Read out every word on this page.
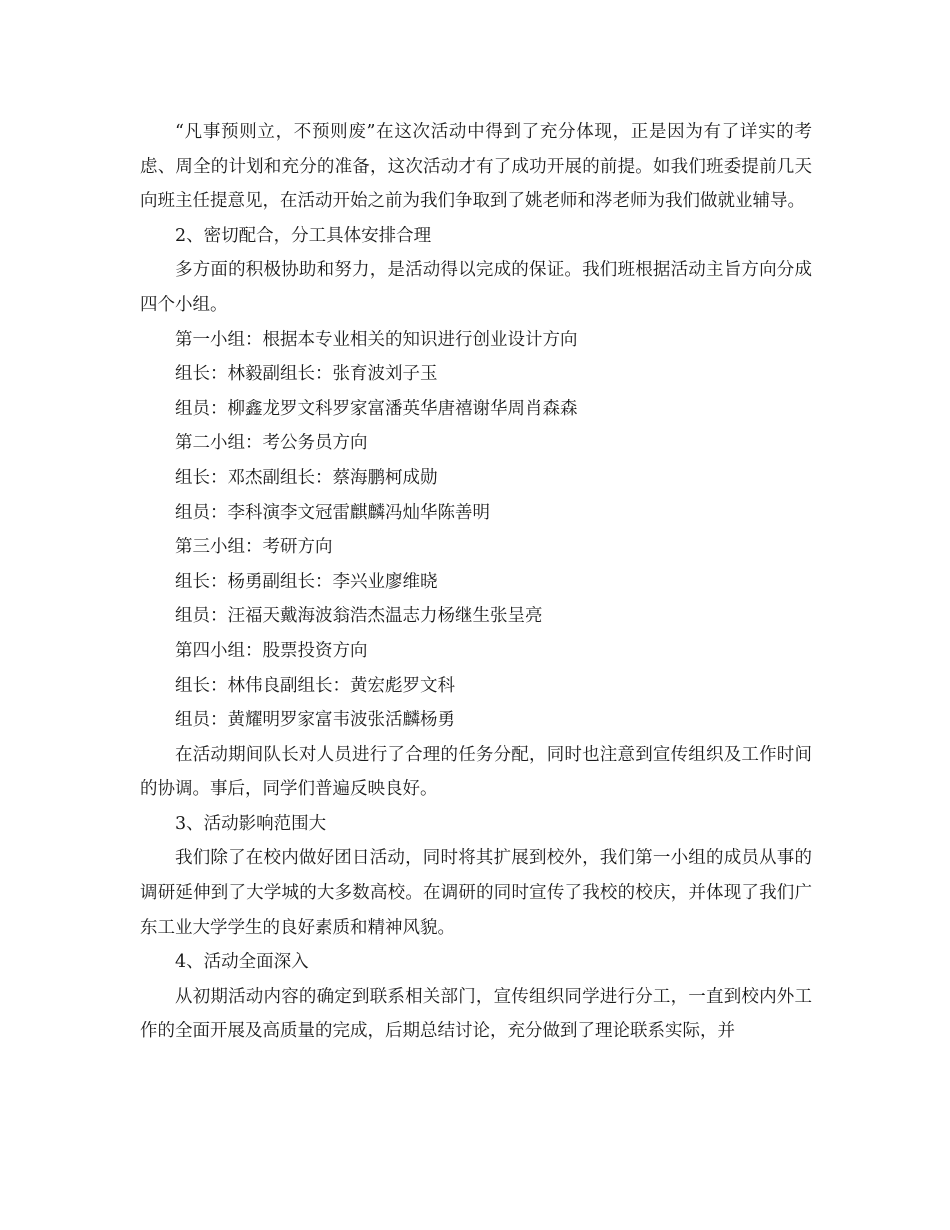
“凡事预则立，不预则废”在这次活动中得到了充分体现，正是因为有了详实的考虑、周全的计划和充分的准备，这次活动才有了成功开展的前提。如我们班委提前几天向班主任提意见，在活动开始之前为我们争取到了姚老师和涔老师为我们做就业辅导。

2、密切配合，分工具体安排合理

多方面的积极协助和努力，是活动得以完成的保证。我们班根据活动主旨方向分成四个小组。

第一小组：根据本专业相关的知识进行创业设计方向

组长：林毅副组长：张育波刘子玉

组员：柳鑫龙罗文科罗家富潘英华唐禧谢华周肖森森

第二小组：考公务员方向

组长：邓杰副组长：蔡海鹏柯成勋

组员：李科演李文冠雷麒麟冯灿华陈善明

第三小组：考研方向

组长：杨勇副组长：李兴业廖维晓

组员：汪福天戴海波翁浩杰温志力杨继生张呈亮

第四小组：股票投资方向

组长：林伟良副组长：黄宏彪罗文科

组员：黄耀明罗家富韦波张活麟杨勇

在活动期间队长对人员进行了合理的任务分配，同时也注意到宣传组织及工作时间的协调。事后，同学们普遍反映良好。

3、活动影响范围大

我们除了在校内做好团日活动，同时将其扩展到校外，我们第一小组的成员从事的调研延伸到了大学城的大多数高校。在调研的同时宣传了我校的校庆，并体现了我们广东工业大学学生的良好素质和精神风貌。

4、活动全面深入

从初期活动内容的确定到联系相关部门，宣传组织同学进行分工，一直到校内外工作的全面开展及高质量的完成，后期总结讨论，充分做到了理论联系实际，并
